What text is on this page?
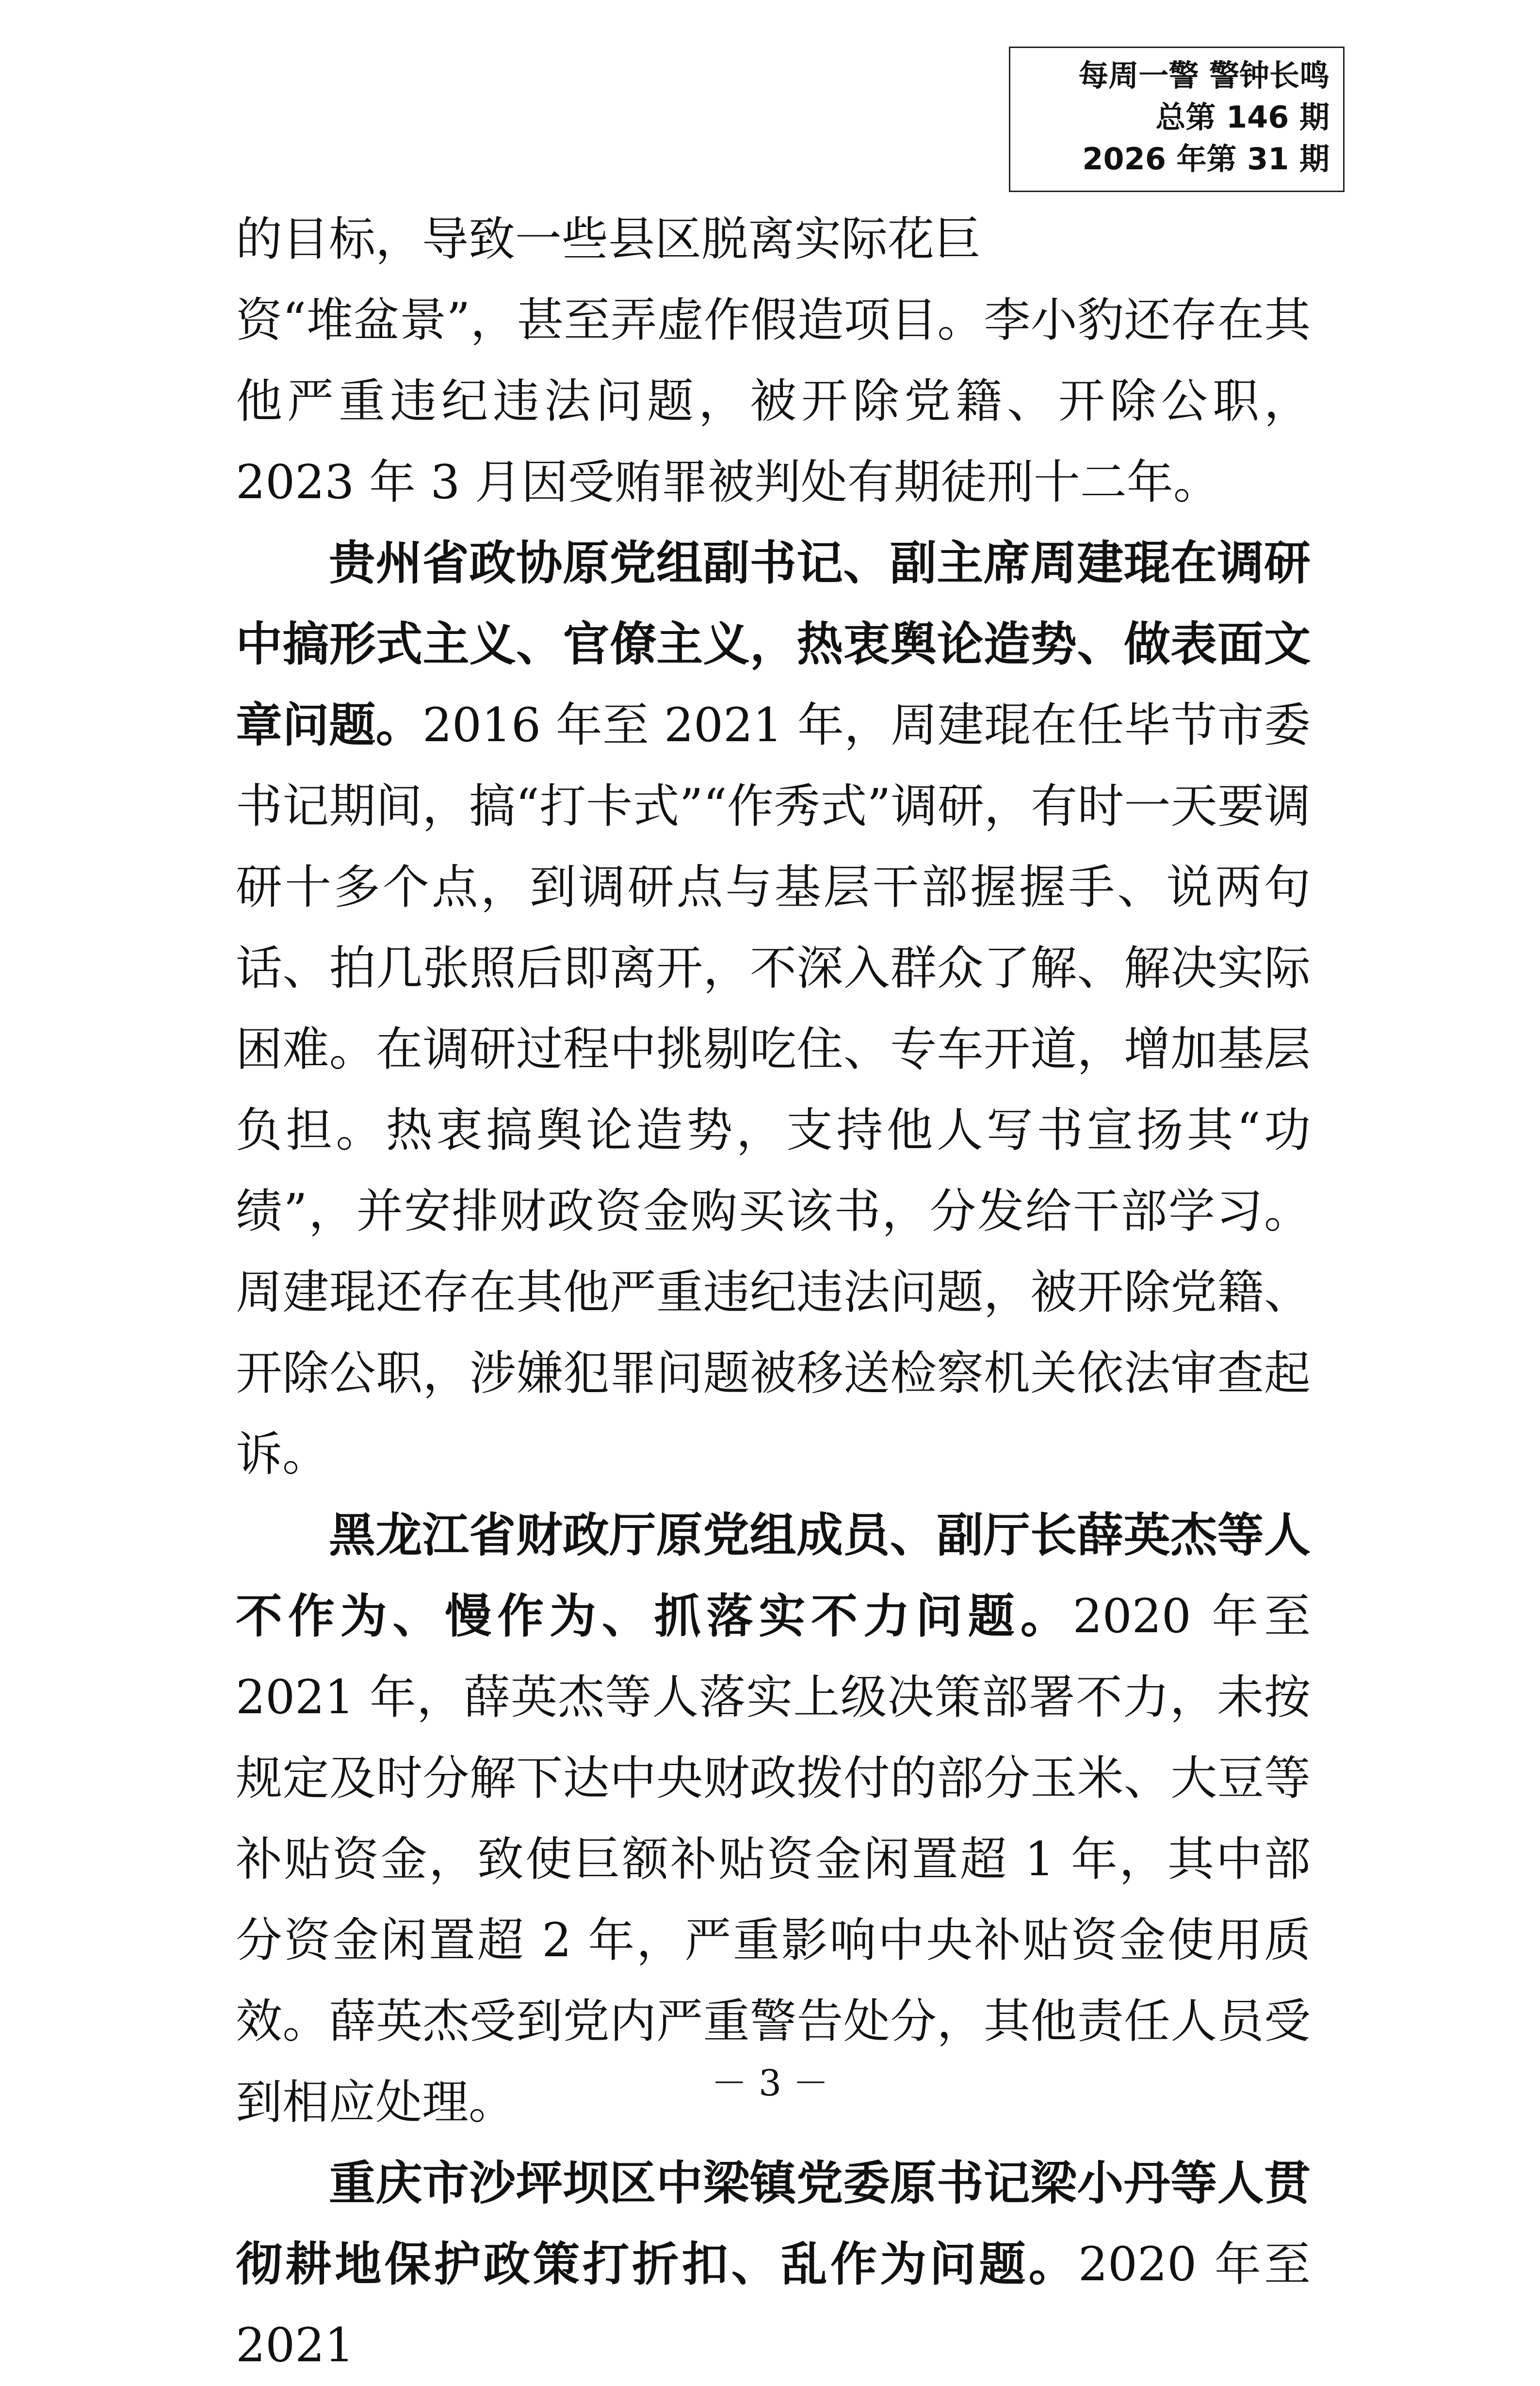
每周一警 警钟长鸣
总第 146 期
2026 年第 31 期

的目标，导致一些县区脱离实际花巨

资“堆盆景”，甚至弄虚作假造项目。李小豹还存在其他严重违纪违法问题，被开除党籍、开除公职，2023 年 3 月因受贿罪被判处有期徒刑十二年。

贵州省政协原党组副书记、副主席周建琨在调研中搞形式主义、官僚主义，热衷舆论造势、做表面文章问题。2016 年至 2021 年，周建琨在任毕节市委书记期间，搞“打卡式”“作秀式”调研，有时一天要调研十多个点，到调研点与基层干部握握手、说两句话、拍几张照后即离开，不深入群众了解、解决实际困难。在调研过程中挑剔吃住、专车开道，增加基层负担。热衷搞舆论造势，支持他人写书宣扬其“功绩”，并安排财政资金购买该书，分发给干部学习。周建琨还存在其他严重违纪违法问题，被开除党籍、开除公职，涉嫌犯罪问题被移送检察机关依法审查起诉。

黑龙江省财政厅原党组成员、副厅长薛英杰等人不作为、慢作为、抓落实不力问题。2020 年至 2021 年，薛英杰等人落实上级决策部署不力，未按规定及时分解下达中央财政拨付的部分玉米、大豆等补贴资金，致使巨额补贴资金闲置超 1 年，其中部分资金闲置超 2 年，严重影响中央补贴资金使用质效。薛英杰受到党内严重警告处分，其他责任人员受到相应处理。

重庆市沙坪坝区中梁镇党委原书记梁小丹等人贯彻耕地保护政策打折扣、乱作为问题。2020 年至 2021

－ 3 －
